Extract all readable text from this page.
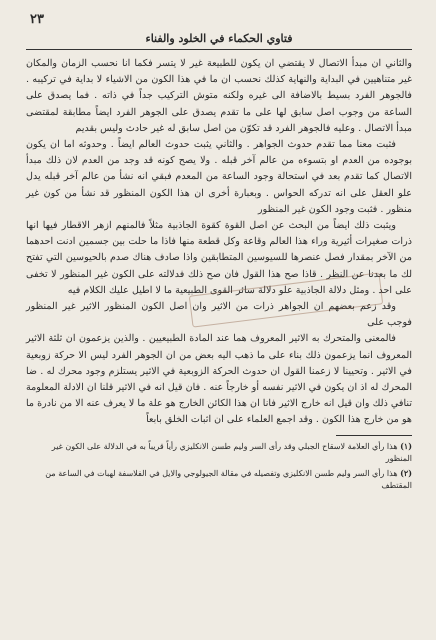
٢٣
فتاوي الحكماء في الخلود والفناء

والثاني ان مبدأ الاتصال لا يقتضي ان يكون للطبيعة غير لا يتسر فكما انا نحسب الزمان والمكان غير متناهيين في البداية والنهاية كذلك نحسب ان ما في هذا الكون من الاشياء لا بداية في تركيبه . فالجوهر الفرد بسيط بالاضافة الى غيره ولكنه متوش التركيب جداً في ذاته . فما يصدق على الساعة من وجوب اصل سابق لها على ما تقدم يصدق على الجوهر الفرد ايضاً مطابقة لمقتضى مبدأ الاتصال . وعليه فالجوهر الفرد قد تكوّن من اصل سابق له غير حادث وليس بقديم

فثبت معنا مما تقدم حدوث الجواهر . والثاني يثبت حدوث العالم ايضاً . وحدوثه اما ان يكون بوجوده من العدم او بتسوءه من عالم آخر قبله . ولا يصح كونه قد وجد من العدم لان ذلك مبدأ الاتصال كما تقدم بعد في استحالة وجود الساعة من المعدم فبقي انه نشأ من عالم آخر قبله يدل علو العقل على انه تدركه الحواس . وبعبارة أخرى ان هذا الكون المنظور قد نشأ من كون غير منظور . فثبت وجود الكون غير المنظور

ويثبت ذلك ايضاً من البحث عن اصل القوة كقوة الجاذبية مثلاً فالمنهم ازهر الاقطار فيها انها ذرات صغيرات أثيرية وراء هذا العالم وقاعة وكل قطعة منها فاذا ما حلت بين جسمين ادنت احدهما من الآخر بمقدار فصل عنصرها للسيوسين المتطابقين واذا صادف هناك صدم بالحيوسين التي تفتح لك ما بعدنا عن النظر . قاذا صح هذا القول فان صح ذلك فدلالته على الكون غير المنظور لا تخفى على احد . ومثل دلالة الجاذبية علو دلالة سائر القوى الطبيعية ما لا اطيل عليك الكلام فيه

وقد زعم بعضهم ان الجواهر ذرات من الاثير وان اصل الكون المنظور الاثير غير المنظور فوجب على

فالمعنى والمتحرك به الاثير المعروف هما عند المادة الطبيعيين . والذين يزعمون ان ثلثة الاثير المعروف انما يزعمون ذلك بناء على ما ذهب اليه بعض من ان الجوهر الفرد ليس الا حركة زوبعية في الاثير . وتحيينا لا زعمنا القول ان حدوث الحركة الزوبعية في الاثير يستلزم وجود محرك له . ضا المحرك له اذ ان يكون في الاثير نفسه أو خارجاً عنه . فان قيل انه في الاثير قلنا ان الادلة المعلومة تنافي ذلك وان قيل انه خارج الاثير فانا ان هذا الكائن الخارج هو علة ما لا يعرف عنه الا من نادرة ما هو من خارج هذا الكون . وقد اجمع العلماء على ان اثبات الخلق بابعاً

(١) هذا رأي العلامة لاسقاح الجبلي وقد رأى السر وليم طسن الانكليزي رأياً قريباً به في الدلالة على الكون غير المنظور

(٢) هذا رأي السر وليم طسن الانكليزي وتفصيله في مقالة الجيولوجي والايل في الفلاسفة لهبات في الساعة من المقتطف
